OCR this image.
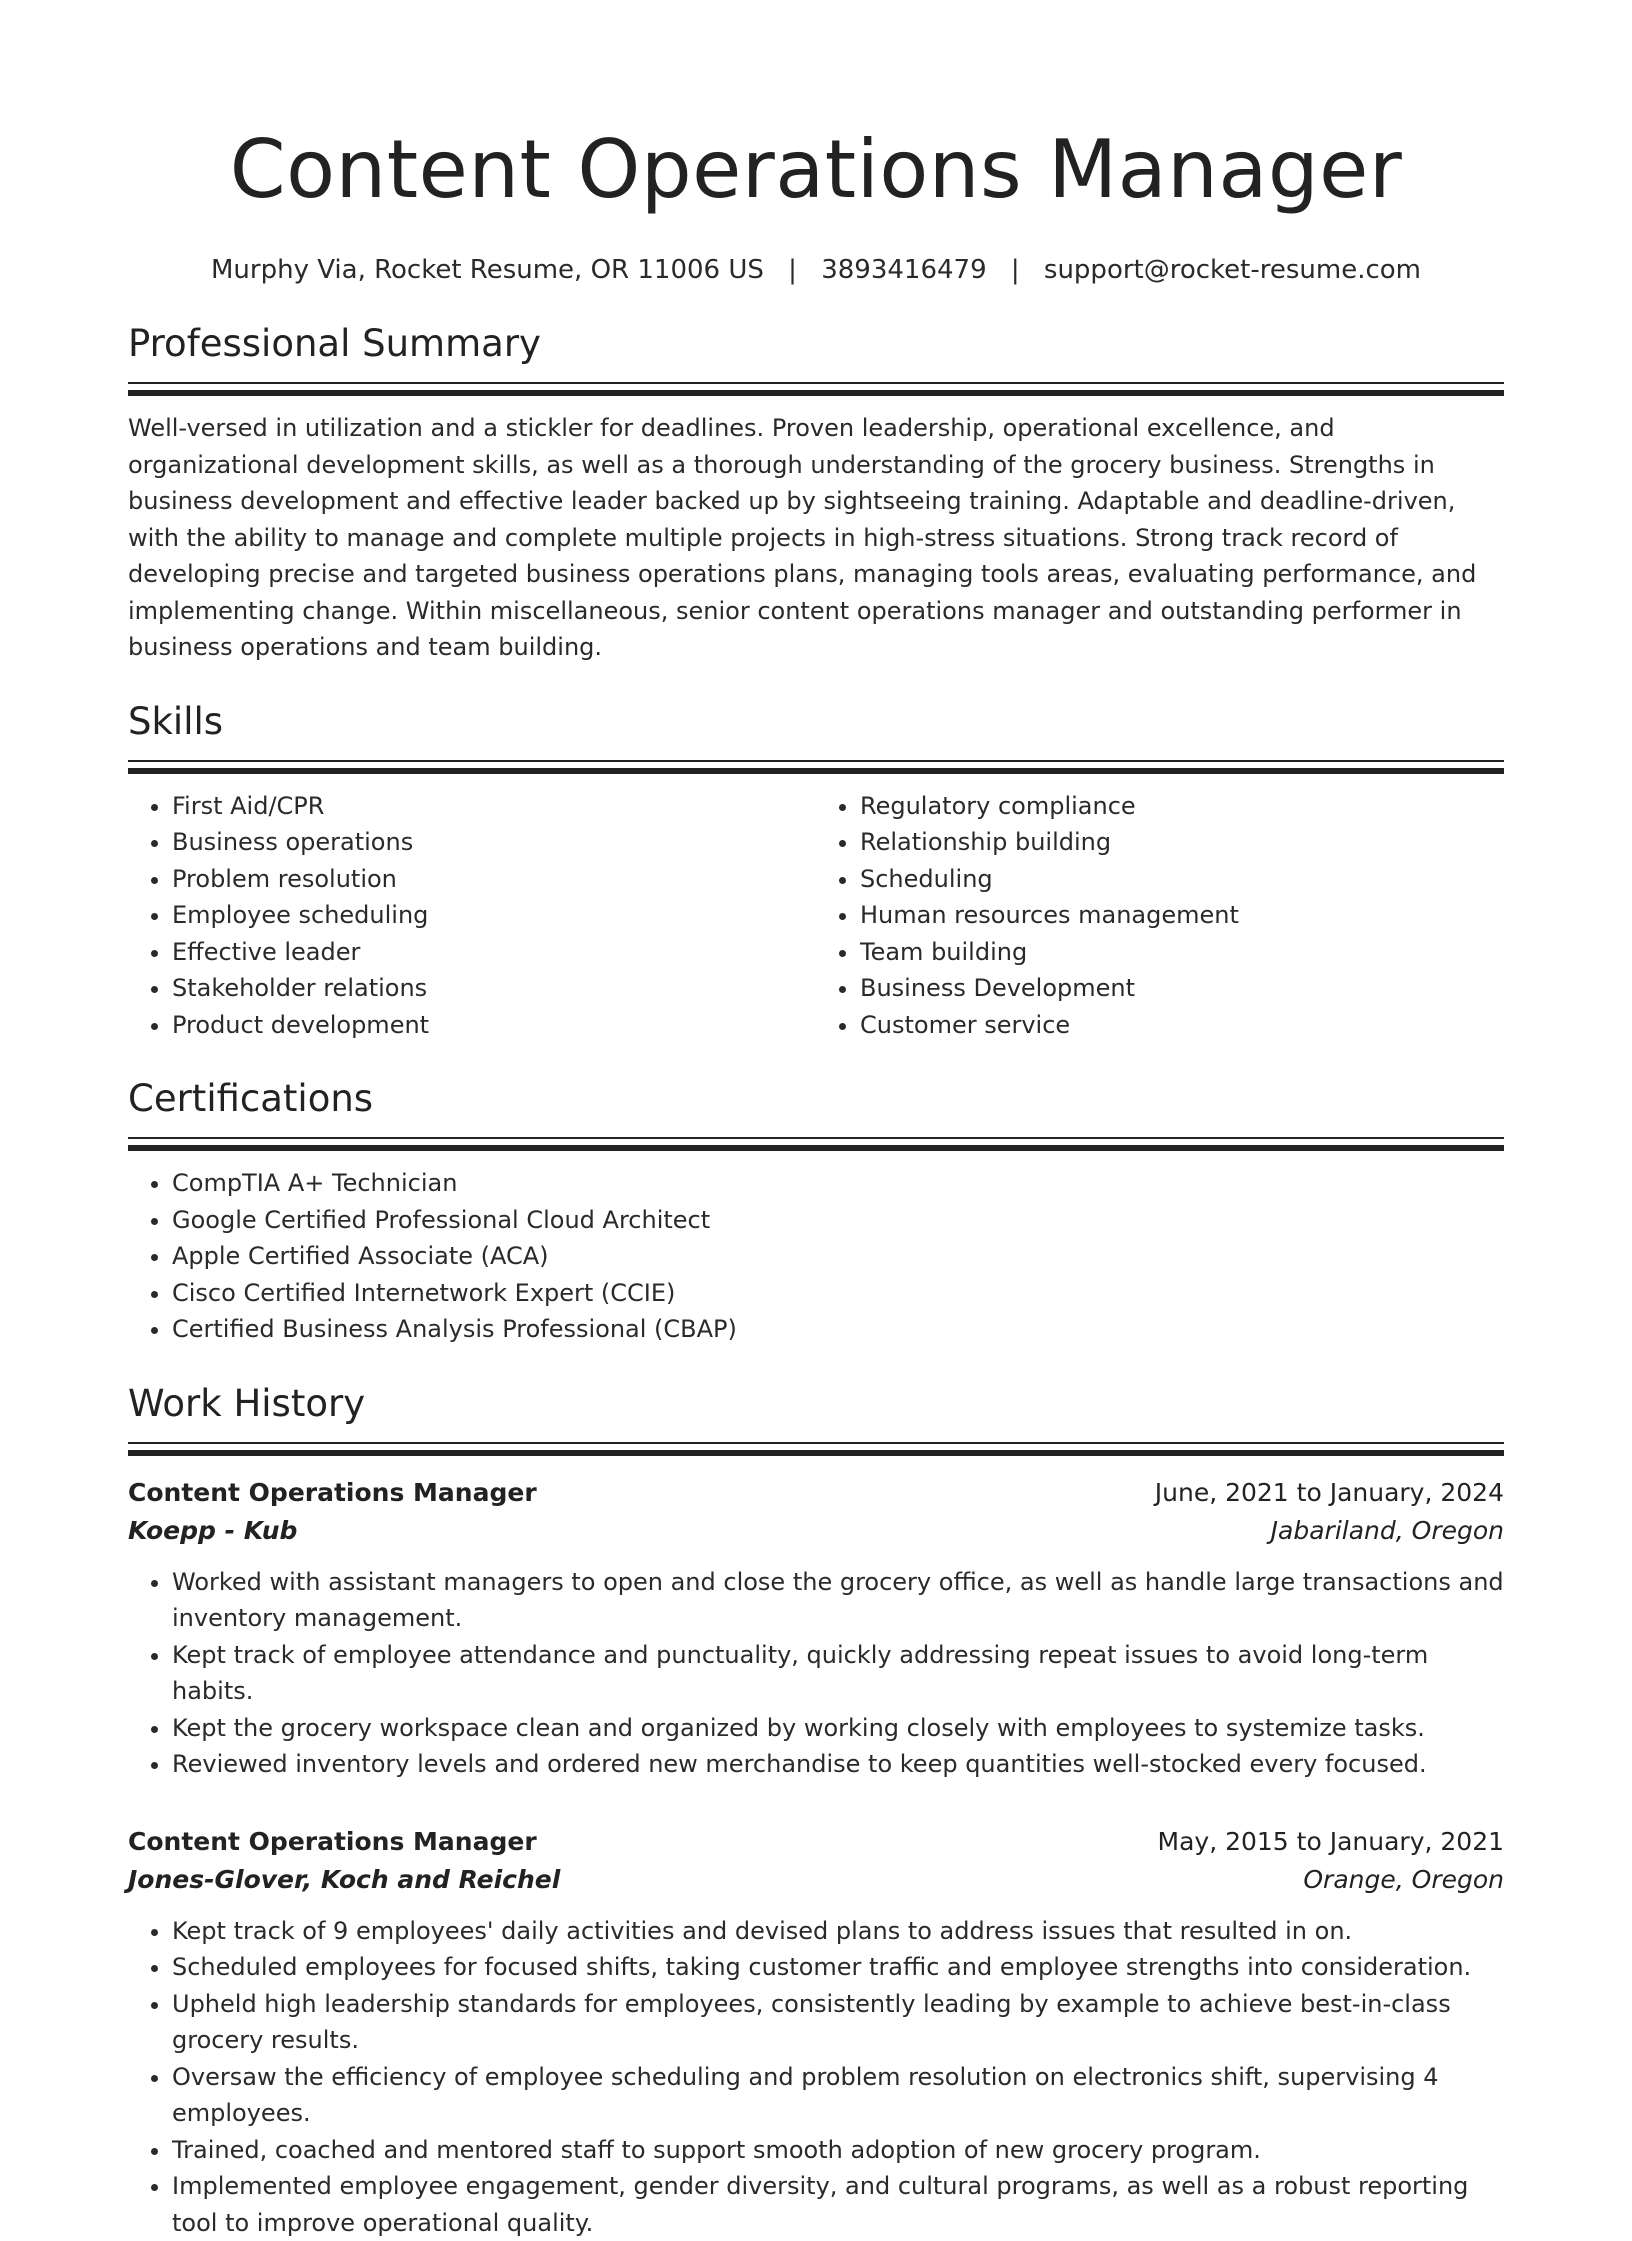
Content Operations Manager
Murphy Via, Rocket Resume, OR 11006 US | 3893416479 | support@rocket-resume.com
Professional Summary

Well-versed in utilization and a stickler for deadlines. Proven leadership, operational excellence, and organizational development skills, as well as a thorough understanding of the grocery business. Strengths in business development and effective leader backed up by sightseeing training. Adaptable and deadline-driven, with the ability to manage and complete multiple projects in high-stress situations. Strong track record of developing precise and targeted business operations plans, managing tools areas, evaluating performance, and implementing change. Within miscellaneous, senior content operations manager and outstanding performer in business operations and team building.

Skills
• First Aid/CPR
• Business operations
• Problem resolution
• Employee scheduling
• Effective leader
• Stakeholder relations
• Product development
• Regulatory compliance
• Relationship building
• Scheduling
• Human resources management
• Team building
• Business Development
• Customer service
Certifications
• CompTIA A+ Technician
• Google Certified Professional Cloud Architect
• Apple Certified Associate (ACA)
• Cisco Certified Internetwork Expert (CCIE)
• Certified Business Analysis Professional (CBAP)
Work History
Content Operations Manager	June, 2021 to January, 2024
Koepp - Kub	Jabariland, Oregon
• Worked with assistant managers to open and close the grocery office, as well as handle large transactions and inventory management.
• Kept track of employee attendance and punctuality, quickly addressing repeat issues to avoid long-term habits.
• Kept the grocery workspace clean and organized by working closely with employees to systemize tasks.
• Reviewed inventory levels and ordered new merchandise to keep quantities well-stocked every focused.
Content Operations Manager	May, 2015 to January, 2021
Jones-Glover, Koch and Reichel	Orange, Oregon
• Kept track of 9 employees' daily activities and devised plans to address issues that resulted in on.
• Scheduled employees for focused shifts, taking customer traffic and employee strengths into consideration.
• Upheld high leadership standards for employees, consistently leading by example to achieve best-in-class grocery results.
• Oversaw the efficiency of employee scheduling and problem resolution on electronics shift, supervising 4 employees.
• Trained, coached and mentored staff to support smooth adoption of new grocery program.
• Implemented employee engagement, gender diversity, and cultural programs, as well as a robust reporting tool to improve operational quality.
